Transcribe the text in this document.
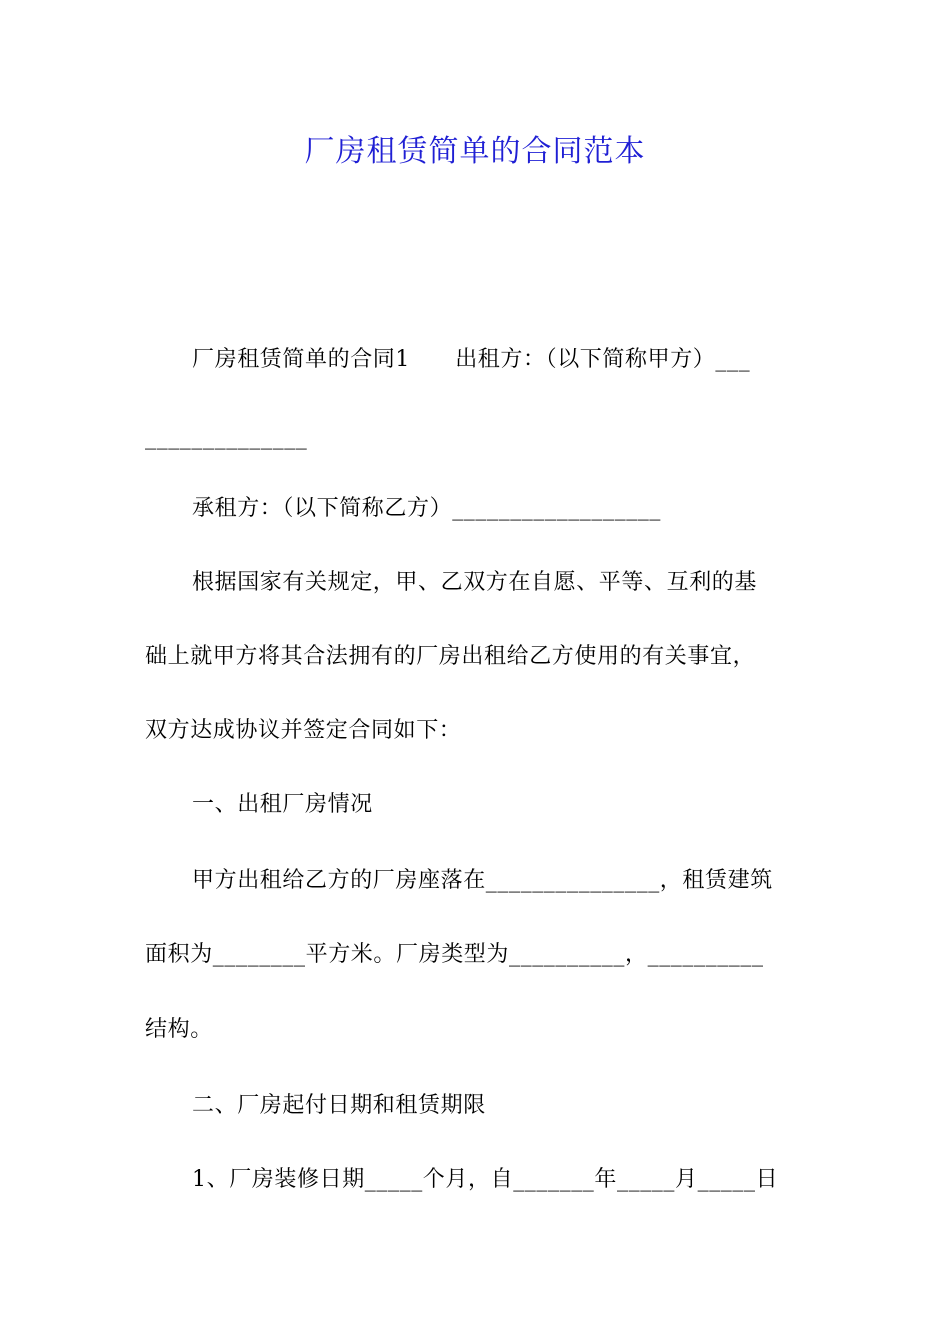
厂房租赁简单的合同范本
厂房租赁简单的合同1　　出租方：（以下简称甲方）___
______________
承租方：（以下简称乙方）__________________
根据国家有关规定，甲、乙双方在自愿、平等、互利的基
础上就甲方将其合法拥有的厂房出租给乙方使用的有关事宜，
双方达成协议并签定合同如下：
一、出租厂房情况
甲方出租给乙方的厂房座落在_______________，租赁建筑
面积为________平方米。厂房类型为__________，__________
结构。
二、厂房起付日期和租赁期限
1、厂房装修日期_____个月，自_______年_____月_____日
